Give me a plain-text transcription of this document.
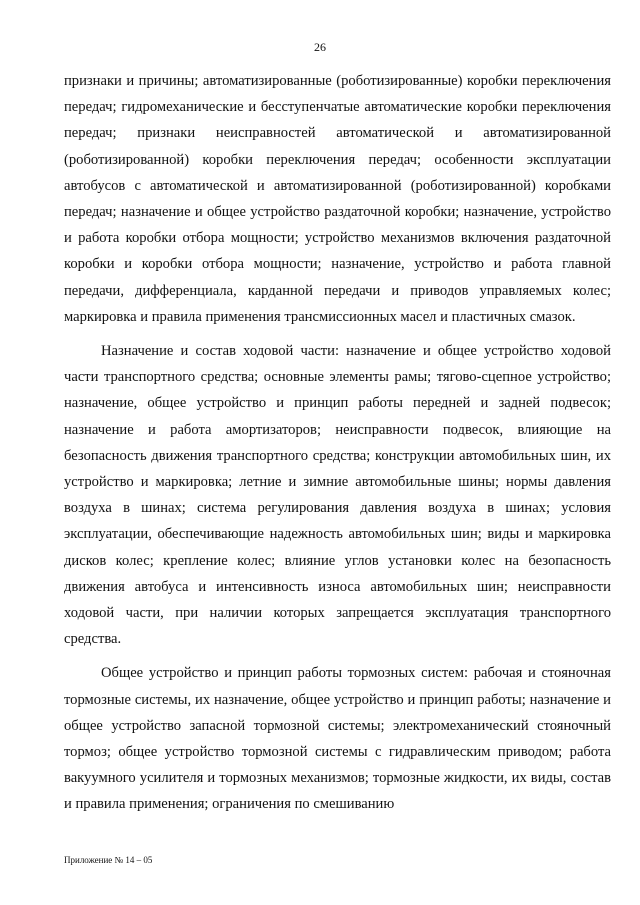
26

признаки и причины; автоматизированные (роботизированные) коробки переключения передач; гидромеханические и бесступенчатые автоматические коробки переключения передач; признаки неисправностей автоматической и автоматизированной (роботизированной) коробки переключения передач; особенности эксплуатации автобусов с автоматической и автоматизированной (роботизированной) коробками передач; назначение и общее устройство раздаточной коробки; назначение, устройство и работа коробки отбора мощности; устройство механизмов включения раздаточной коробки и коробки отбора мощности; назначение, устройство и работа главной передачи, дифференциала, карданной передачи и приводов управляемых колес; маркировка и правила применения трансмиссионных масел и пластичных смазок.

Назначение и состав ходовой части: назначение и общее устройство ходовой части транспортного средства; основные элементы рамы; тягово-сцепное устройство; назначение, общее устройство и принцип работы передней и задней подвесок; назначение и работа амортизаторов; неисправности подвесок, влияющие на безопасность движения транспортного средства; конструкции автомобильных шин, их устройство и маркировка; летние и зимние автомобильные шины; нормы давления воздуха в шинах; система регулирования давления воздуха в шинах; условия эксплуатации, обеспечивающие надежность автомобильных шин; виды и маркировка дисков колес; крепление колес; влияние углов установки колес на безопасность движения автобуса и интенсивность износа автомобильных шин; неисправности ходовой части, при наличии которых запрещается эксплуатация транспортного средства.

Общее устройство и принцип работы тормозных систем: рабочая и стояночная тормозные системы, их назначение, общее устройство и принцип работы; назначение и общее устройство запасной тормозной системы; электромеханический стояночный тормоз; общее устройство тормозной системы с гидравлическим приводом; работа вакуумного усилителя и тормозных механизмов; тормозные жидкости, их виды, состав и правила применения; ограничения по смешиванию

Приложение № 14 – 05
